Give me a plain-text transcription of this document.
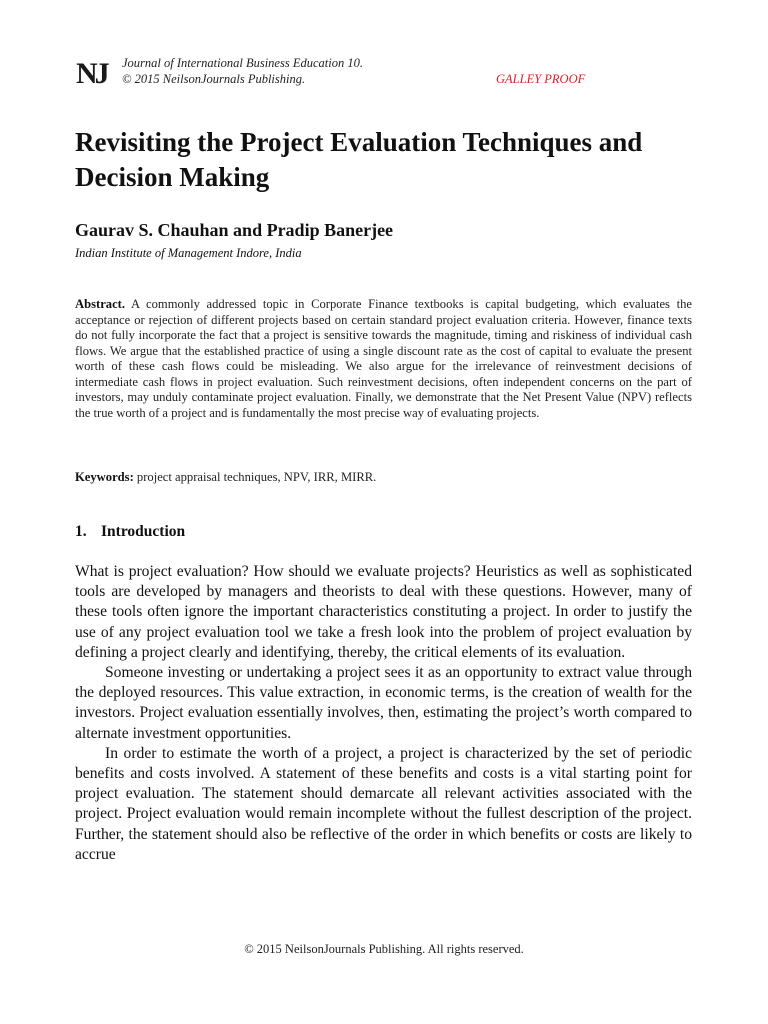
NJ Journal of International Business Education 10.
© 2015 NeilsonJournals Publishing.	GALLEY PROOF
Revisiting the Project Evaluation Techniques and Decision Making
Gaurav S. Chauhan and Pradip Banerjee
Indian Institute of Management Indore, India

Abstract. A commonly addressed topic in Corporate Finance textbooks is capital budgeting, which evaluates the acceptance or rejection of different projects based on certain standard project evaluation criteria. However, finance texts do not fully incorporate the fact that a project is sensitive towards the magnitude, timing and riskiness of individual cash flows. We argue that the established practice of using a single discount rate as the cost of capital to evaluate the present worth of these cash flows could be misleading. We also argue for the irrelevance of reinvestment decisions of intermediate cash flows in project evaluation. Such reinvestment decisions, often independent concerns on the part of investors, may unduly contaminate project evaluation. Finally, we demonstrate that the Net Present Value (NPV) reflects the true worth of a project and is fundamentally the most precise way of evaluating projects.

Keywords: project appraisal techniques, NPV, IRR, MIRR.

1. Introduction

What is project evaluation? How should we evaluate projects? Heuristics as well as sophisticated tools are developed by managers and theorists to deal with these questions. However, many of these tools often ignore the important characteristics constituting a project. In order to justify the use of any project evaluation tool we take a fresh look into the problem of project evaluation by defining a project clearly and identifying, thereby, the critical elements of its evaluation.

Someone investing or undertaking a project sees it as an opportunity to extract value through the deployed resources. This value extraction, in economic terms, is the creation of wealth for the investors. Project evaluation essentially involves, then, estimating the project’s worth compared to alternate investment opportunities.

In order to estimate the worth of a project, a project is characterized by the set of periodic benefits and costs involved. A statement of these benefits and costs is a vital starting point for project evaluation. The statement should demarcate all relevant activities associated with the project. Project evaluation would remain incomplete without the fullest description of the project. Further, the statement should also be reflective of the order in which benefits or costs are likely to accrue

© 2015 NeilsonJournals Publishing. All rights reserved.
